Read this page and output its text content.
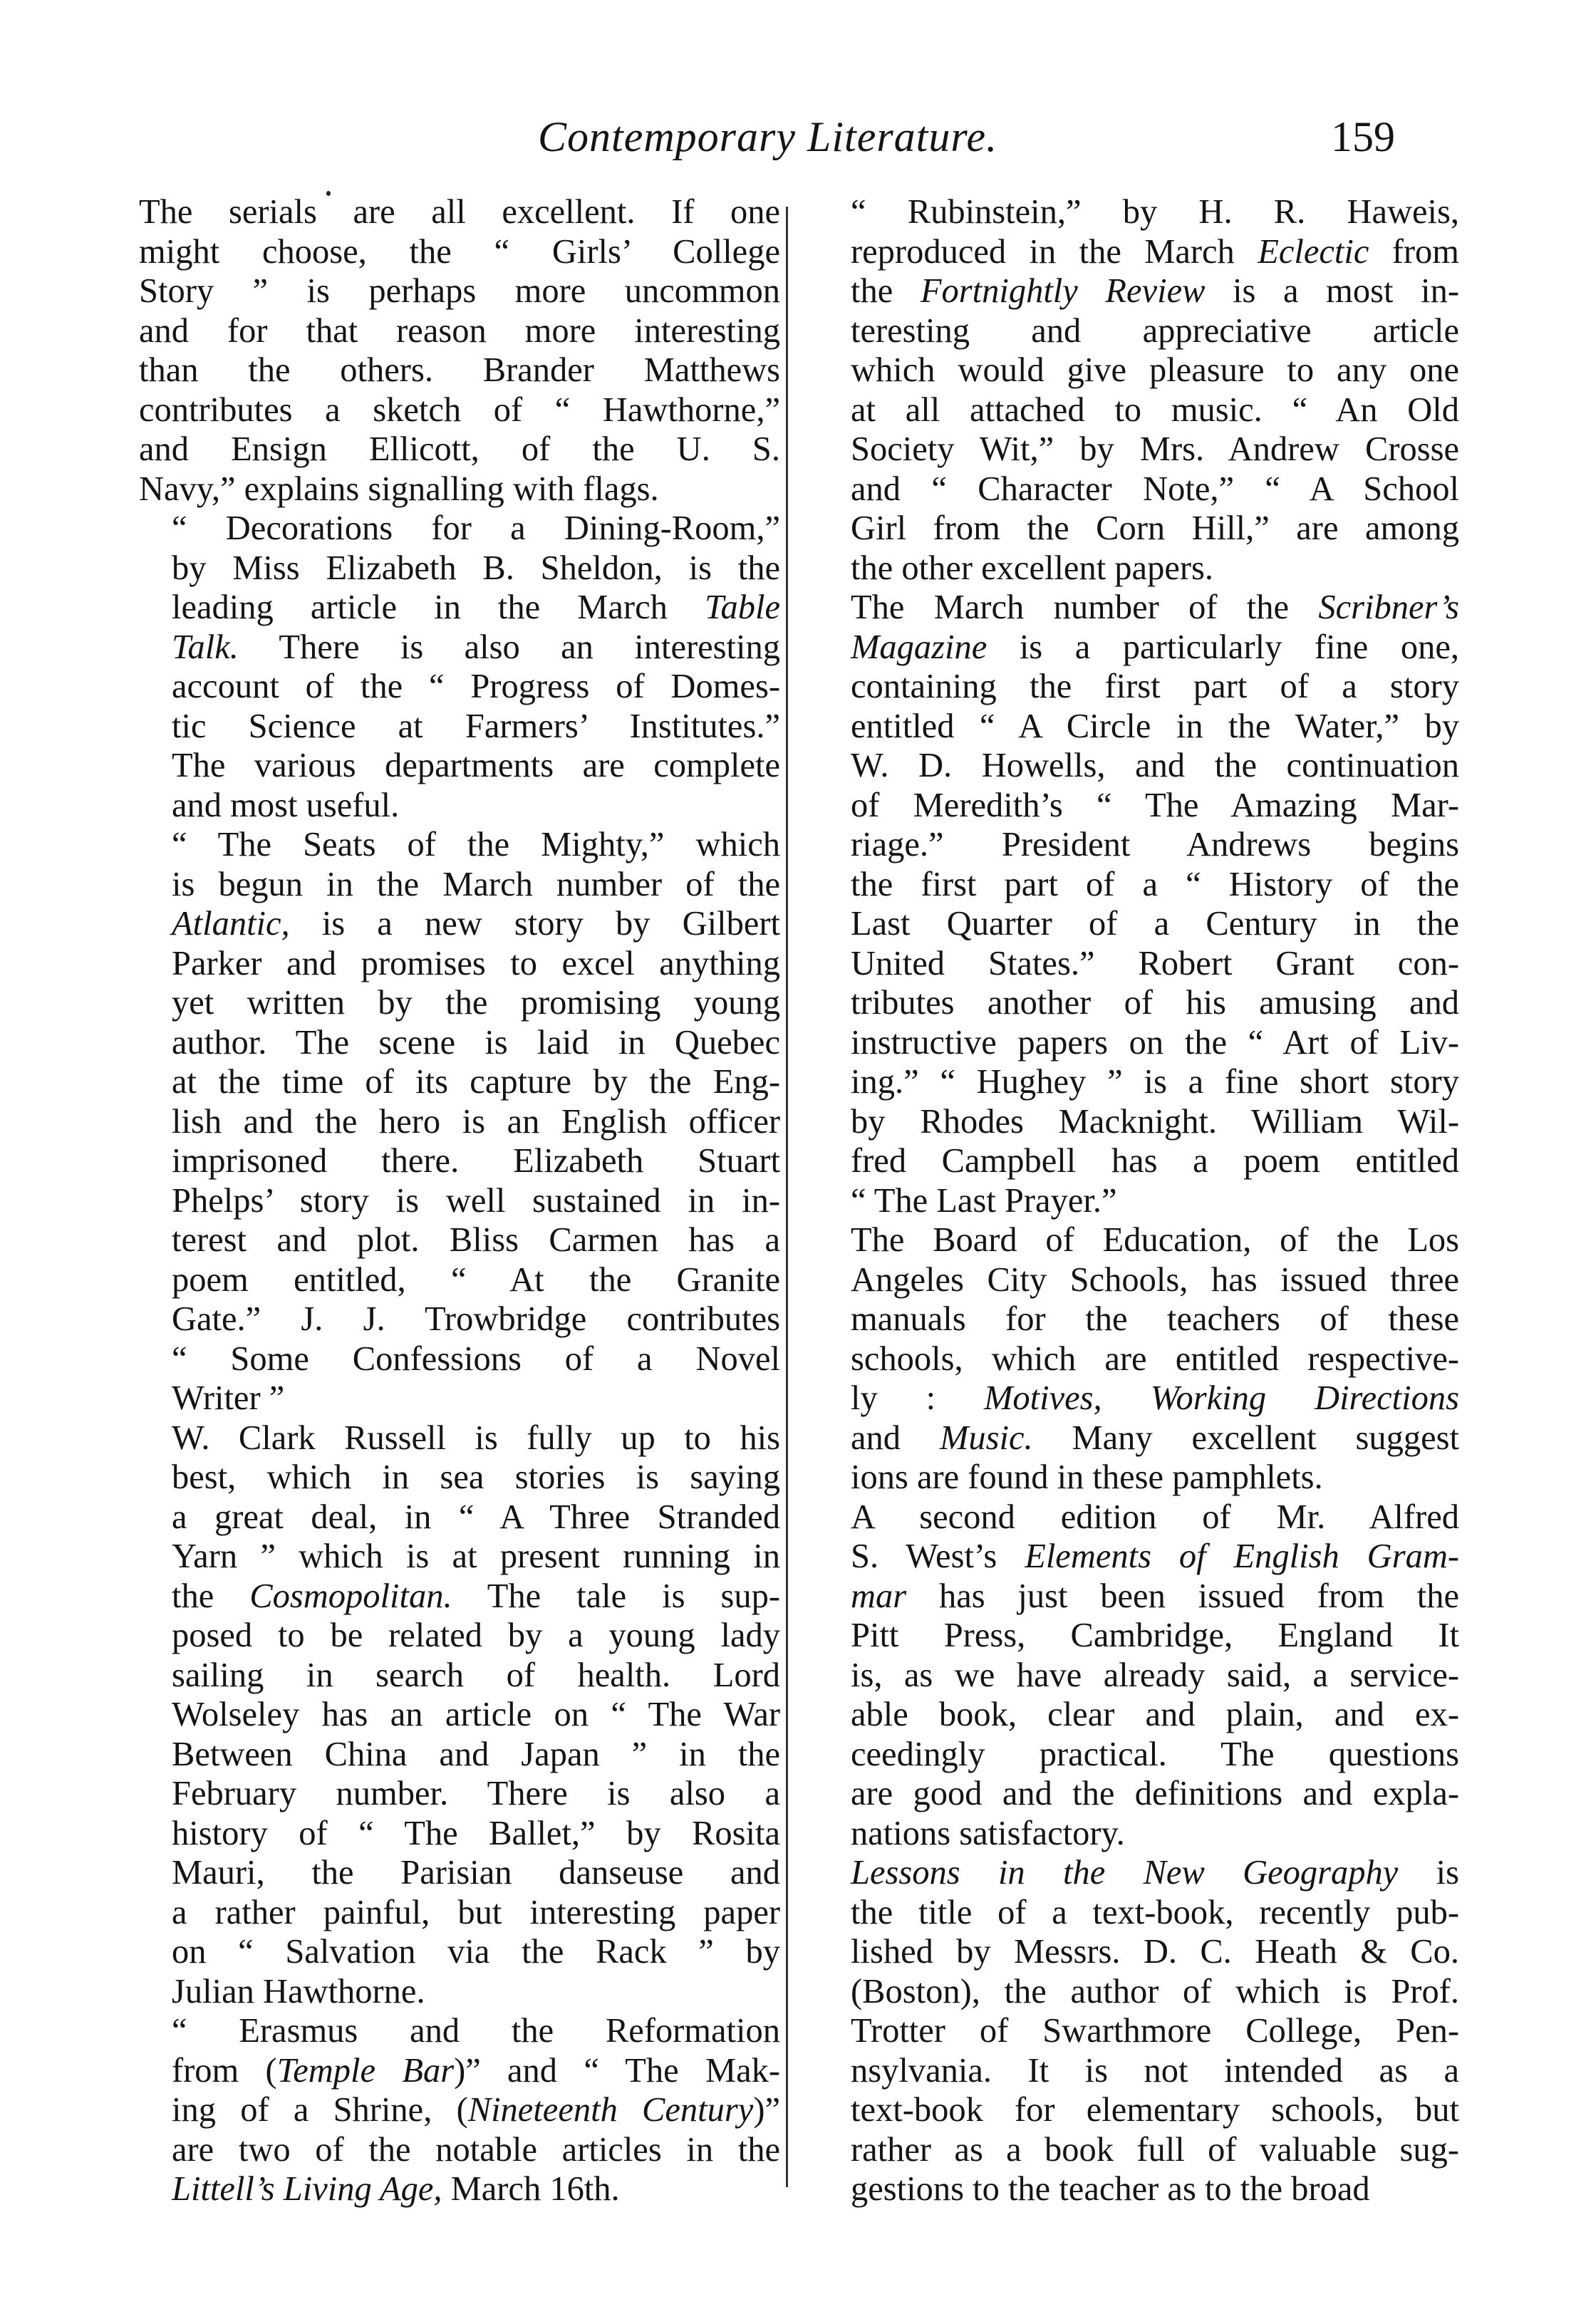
Contemporary Literature.	159
The serials are all excellent. If one
might choose, the “ Girls’ College
Story ” is perhaps more uncommon
and for that reason more interesting
than the others. Brander Matthews
contributes a sketch of “ Hawthorne,”
and Ensign Ellicott, of the U. S.
Navy,” explains signalling with flags.
“ Decorations for a Dining-Room,”
by Miss Elizabeth B. Sheldon, is the
leading article in the March Table
Talk. There is also an interesting
account of the “ Progress of Domes-
tic Science at Farmers’ Institutes.”
The various departments are complete
and most useful.
“ The Seats of the Mighty,” which
is begun in the March number of the
Atlantic, is a new story by Gilbert
Parker and promises to excel anything
yet written by the promising young
author. The scene is laid in Quebec
at the time of its capture by the Eng-
lish and the hero is an English officer
imprisoned there. Elizabeth Stuart
Phelps’ story is well sustained in in-
terest and plot. Bliss Carmen has a
poem entitled, “ At the Granite
Gate.” J. J. Trowbridge contributes
“ Some Confessions of a Novel
Writer ”
W. Clark Russell is fully up to his
best, which in sea stories is saying
a great deal, in “ A Three Stranded
Yarn ” which is at present running in
the Cosmopolitan. The tale is sup-
posed to be related by a young lady
sailing in search of health. Lord
Wolseley has an article on “ The War
Between China and Japan ” in the
February number. There is also a
history of “ The Ballet,” by Rosita
Mauri, the Parisian danseuse and
a rather painful, but interesting paper
on “ Salvation via the Rack ” by
Julian Hawthorne.
“ Erasmus and the Reformation
from (Temple Bar)” and “ The Mak-
ing of a Shrine, (Nineteenth Century)”
are two of the notable articles in the
Littell’s Living Age, March 16th.
“ Rubinstein,” by H. R. Haweis,
reproduced in the March Eclectic from
the Fortnightly Review is a most in-
teresting and appreciative article
which would give pleasure to any one
at all attached to music. “ An Old
Society Wit,” by Mrs. Andrew Crosse
and “ Character Note,” “ A School
Girl from the Corn Hill,” are among
the other excellent papers.
The March number of the Scribner’s
Magazine is a particularly fine one,
containing the first part of a story
entitled “ A Circle in the Water,” by
W. D. Howells, and the continuation
of Meredith’s “ The Amazing Mar-
riage.” President Andrews begins
the first part of a “ History of the
Last Quarter of a Century in the
United States.” Robert Grant con-
tributes another of his amusing and
instructive papers on the “ Art of Liv-
ing.” “ Hughey ” is a fine short story
by Rhodes Macknight. William Wil-
fred Campbell has a poem entitled
“ The Last Prayer.”
The Board of Education, of the Los
Angeles City Schools, has issued three
manuals for the teachers of these
schools, which are entitled respective-
ly : Motives, Working Directions
and Music. Many excellent suggest
ions are found in these pamphlets.
A second edition of Mr. Alfred
S. West’s Elements of English Gram-
mar has just been issued from the
Pitt Press, Cambridge, England It
is, as we have already said, a service-
able book, clear and plain, and ex-
ceedingly practical. The questions
are good and the definitions and expla-
nations satisfactory.
Lessons in the New Geography is
the title of a text-book, recently pub-
lished by Messrs. D. C. Heath & Co.
(Boston), the author of which is Prof.
Trotter of Swarthmore College, Pen-
nsylvania. It is not intended as a
text-book for elementary schools, but
rather as a book full of valuable sug-
gestions to the teacher as to the broad
